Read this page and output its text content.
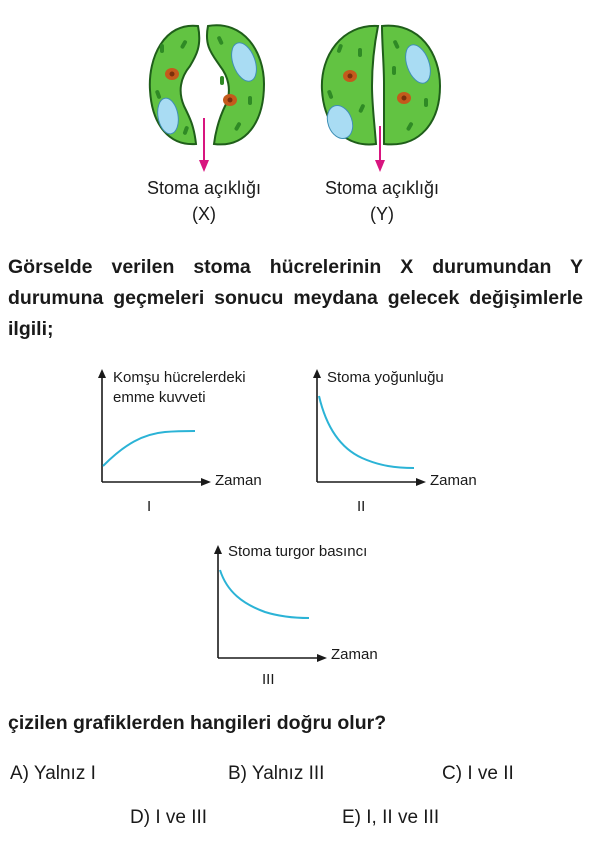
Stoma açıklığı
(X)
Stoma açıklığı
(Y)
Görselde verilen stoma hücrelerinin X durumundan Y durumuna geçmeleri sonucu meydana gelecek değişimlerle ilgili;
Komşu hücrelerdeki
emme kuvveti
Zaman
I
Stoma yoğunluğu
Zaman
II
Stoma turgor basıncı
Zaman
III
çizilen grafiklerden hangileri doğru olur?
A) Yalnız I	B) Yalnız III	C) I ve II
D) I ve III	E) I, II ve III
